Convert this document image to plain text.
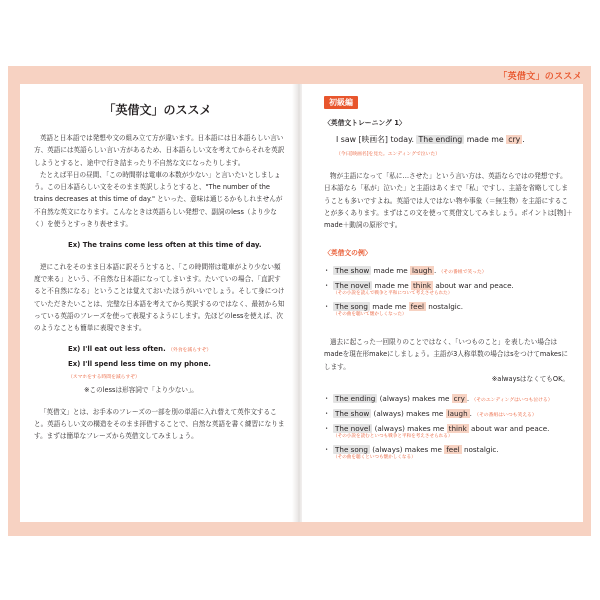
「英借文」のススメ
「英借文」のススメ

英語と日本語では発想や文の組み立て方が違います。日本語には日本語らしい言い方、英語には英語らしい言い方があるため、日本語らしい文を考えてからそれを英訳しようとすると、途中で行き詰まったり不自然な文になったりします。

たとえば平日の昼間、「この時間帯は電車の本数が少ない」と言いたいとしましょう。この日本語らしい文をそのまま英訳しようとすると、"The number of the trains decreases at this time of day." といった、意味は通じるかもしれませんが不自然な英文になります。こんなときは英語らしい発想で、副詞のless（より少なく）を使うとすっきり表せます。

Ex) The trains come less often at this time of day.

逆にこれをそのまま日本語に訳そうとすると、「この時間帯は電車がより少ない頻度で来る」という、不自然な日本語になってしまいます。たいていの場合、「直訳すると不自然になる」ということは覚えておいたほうがいいでしょう。そして身につけていただきたいことは、完璧な日本語を考えてから英訳するのではなく、最初から知っている英語のフレーズを使って表現するようにします。先ほどのlessを使えば、次のようなことも簡単に表現できます。

Ex) I'll eat out less often. （外食を減らすぞ）
Ex) I'll spend less time on my phone. （スマホをする時間を減らすぞ）
※このlessは形容詞で「より少ない」。

「英借文」とは、お手本のフレーズの一部を別の単語に入れ替えて英作文すること。英語らしい文の構造をそのまま拝借することで、自然な英語を書く練習になります。まずは簡単なフレーズから英借文してみましょう。

初級編
〈英借文トレーニング 1〉
I saw [映画名] today. The ending made me cry .
（今日[映画名]を見た。エンディングで泣いた）

物が主語になって「私に…させた」という言い方は、英語ならではの発想です。日本語なら「私が」泣いた」と主語はあくまで「私」ですし、主語を省略してしまうことも多いですよね。英語では人ではない物や事象（＝無生物）を主語にすることが多くあります。まずはこの文を使って英借文してみましょう。ポイントは[物]＋made＋動詞の原形です。

〈英借文の例〉
・ The show made me laugh . （その番組で笑った）
・ The novel made me think about war and peace.
（その小説を読んで戦争と平和について考えさせられた）
・ The song made me feel nostalgic.
（その曲を聴いて懐かしくなった）

過去に起こった一回限りのことではなく、「いつものこと」を表したい場合はmadeを現在形makeにしましょう。主語が3人称単数の場合はsをつけてmakesにします。

※alwaysはなくてもOK。
・ The ending (always) makes me cry . （そのエンディングはいつも泣ける）
・ The show (always) makes me laugh . （その番組はいつも笑える）
・ The novel (always) makes me think about war and peace.
（その小説を読むといつも戦争と平和を考えさせられる）
・ The song (always) makes me feel nostalgic.
（その曲を聴くといつも懐かしくなる）
